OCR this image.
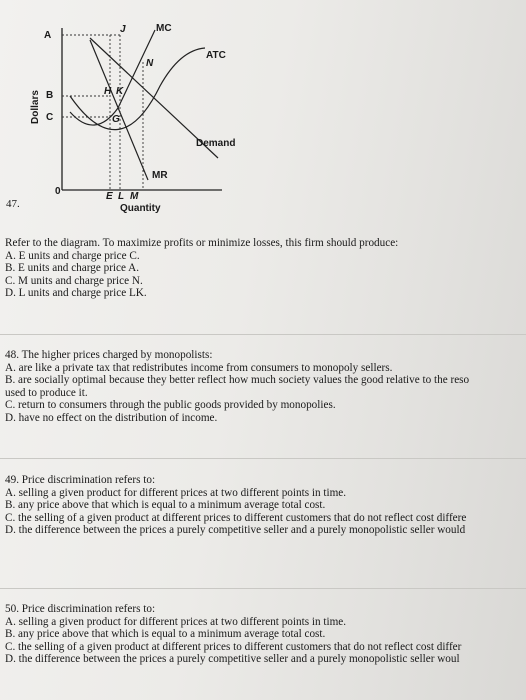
MC
ATC
Demand
MR
A
B
C
J
N
H K
G
0	E L M
Dollars
Quantity
47.
Refer to the diagram. To maximize profits or minimize losses, this firm should produce:
A. E units and charge price C.
B. E units and charge price A.
C. M units and charge price N.
D. L units and charge price LK.
48. The higher prices charged by monopolists:
A. are like a private tax that redistributes income from consumers to monopoly sellers.
B. are socially optimal because they better reflect how much society values the good relative to the reso
used to produce it.
C. return to consumers through the public goods provided by monopolies.
D. have no effect on the distribution of income.
49. Price discrimination refers to:
A. selling a given product for different prices at two different points in time.
B. any price above that which is equal to a minimum average total cost.
C. the selling of a given product at different prices to different customers that do not reflect cost differe
D. the difference between the prices a purely competitive seller and a purely monopolistic seller would
50. Price discrimination refers to:
A. selling a given product for different prices at two different points in time.
B. any price above that which is equal to a minimum average total cost.
C. the selling of a given product at different prices to different customers that do not reflect cost differ
D. the difference between the prices a purely competitive seller and a purely monopolistic seller woul
